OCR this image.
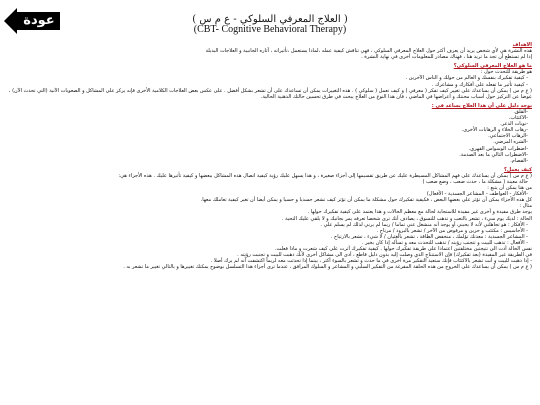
عودة	( العلاج المعرفي السلوكي - ع م س )
(CBT- Cognitive Behavioral Therapy)
الاهداف

هذه النشرة هي لأي شخص يريد أن يعرف أكثر حول العلاج المعرفي السلوكي ، فهي تناقش كيفية عمله ،لماذا يستعمل ،تأثيراته ، آثاره الجانبية و العلاجات البديلة

إذا لم تستطع أن تجد ما تريد هنا ، فهناك مصادر للمعلومات أخرى في نهاية النشرة .

ما هو العلاج المعرفي السلوكي؟

هو طريقة للتحدث حول :

- كيفية تفكيرك بنفسك و العالم من حولك و الناس الآخرين .

- كيفية تأثير ما تفعله على أفكارك و مشاعرك .

( ع م س ) يمكن أن يساعدك على تغيير كيف تفكر ( معرفي ) و كيف تعمل ( سلوكي ) . هذه التغييرات يمكن أن تساعدك على أن تشعر بشكل أفضل . على عكس بعض العلاجات الكلامية الأخرى فإنه يركز على المشاكل و الصعوبات الآنية (التي تحدث الآن) ، عوضا عن التركيز حول أسباب محنتك و أعراضها في الماضي ، فان هذا النوع من العلاج يبحث في طرق تحسين حالتك الذهنية الحالية.

يوجد دليل على أن هذا العلاج يساعد في :

-القلق.

-الاكتئاب.

-نوبات الذعر.

-رهاب الخلاء و الرهابات الأخرى.

-الرهاب الاجتماعي.

-الشره المرضي.

-اضطراب الوسواس القهري.

-الاضطراب التالي ما بعد الصدمة.

-الفصام.

كيف يعمل؟

( ع م س ) يمكن أن يساعدك على فهم المشاكل المسيطرة عليك عن طريق تقسيمها إلى أجزاء صغيرة ، و هذا يسهل عليك رؤية كيفية اتصال هذه المشاكل ببعضها و كيفية تأثيرها عليك . هذه الأجزاء هي:

حالة معينة ( مشكلة ما ، حدث صعب ، وضع صعب )

من هنا يمكن أن يتبع :

-الأفكار - العواطف - المشاعر الجسدية - الأفعال)

كل هذه الأجزاء يمكن أن تؤثر على بعضها البعض ، فكيفية تفكيرك حول مشكلة ما يمكن أن تؤثر كيف تشعر جسديا و حسيا و يمكن أيضا أن تغير كيفية تعاملك معها.

مثال :

يوجد طرق مفيدة و أخرى غير مفيدة للاستجابة لحالة مع معظم الحالات و هذا يعتمد على كيفية تفكيرك حولها .

الحالة : لديك يوم سيء ، تشعر بالتعب و تذهب للتسوق ، يصادف أنك ترى شخصا تعرفه يمر بجانبك و لا يلقي عليك التحية .

- الأفكار : هو تجاهلني لأنه لا يحبني أو يوجد أنه منشغل عني تماما / ربما لم يرني لذلك لم يسلم علي .

- الأحاسيس : مكتئب و حزين و مرفوض من الآخر / تشعر بالبرود / مرتاح .

- المشاعر الجسدية : معدتك تؤلمك ، منخفض الطاقة ، تشعر بالغثيان / لا شيء ، تشعر بالارتياح .

- الأفعال : تذهب للبيت و تتجنب رؤيته / تذهب للتحدث معه و تسأله إذا كان بخير .

نفس الحالة أدت الى نتيجتين مختلفتين اعتمادا على طريقة تفكيرك حولها . كيفية تفكيرك أثرت على كيف شعرت و ماذا فعلت.

في الطريقة غير المفيدة (بعد تفكيرك) فإن الاستنتاج الذي وصلت إليه بدون دليل قاطع ، أدى الى مشاكل أخرى لأنك ذهبت للبيت و تجنبت رؤيته .

- إذا ذهبت للبيت و أنت تشعر بالاكتئاب فإنك ستعيد التفكير مرة أخرى في ما حدث و تشعر بالسوء أكثر ، بينما إذا تحدثت معه لربما اكتشفت أنه لم يرك أصلا .

( ع م س ) يمكن أن يساعدك على الخروج من هذه الحلقة المفرغة من التفكير السلبي و المشاعر و السلوك المرافق ، عندما ترى أجزاء هذا التسلسل بوضوح يمكنك تغييرها و بالتالي تغيير ما تشعر به .
